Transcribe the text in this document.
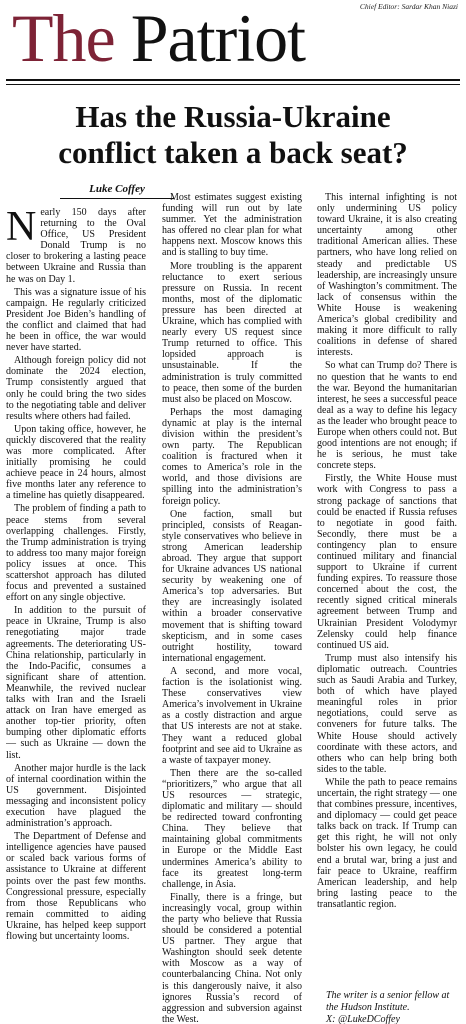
Chief Editor: Sardar Khan Niazi
The Patriot
Has the Russia-Ukraine
conflict taken a back seat?
Luke Coffey

Nearly 150 days after returning to the Oval Office, US President Donald Trump is no closer to brokering a lasting peace between Ukraine and Russia than he was on Day 1.

This was a signature issue of his campaign. He regularly criticized President Joe Biden’s handling of the conflict and claimed that had he been in office, the war would never have started.

Although foreign policy did not dominate the 2024 election, Trump consistently argued that only he could bring the two sides to the negotiating table and deliver results where others had failed.

Upon taking office, however, he quickly discovered that the reality was more complicated. After initially promising he could achieve peace in 24 hours, almost five months later any reference to a timeline has quietly disappeared.

The problem of finding a path to peace stems from several overlapping challenges. Firstly, the Trump administration is trying to address too many major foreign policy issues at once. This scattershot approach has diluted focus and prevented a sustained effort on any single objective.

In addition to the pursuit of peace in Ukraine, Trump is also renegotiating major trade agreements. The deteriorating US-China relationship, particularly in the Indo-Pacific, consumes a significant share of attention. Meanwhile, the revived nuclear talks with Iran and the Israeli attack on Iran have emerged as another top-tier priority, often bumping other diplomatic efforts — such as Ukraine — down the list.

Another major hurdle is the lack of internal coordination within the US government. Disjointed messaging and inconsistent policy execution have plagued the administration’s approach.

The Department of Defense and intelligence agencies have paused or scaled back various forms of assistance to Ukraine at different points over the past few months. Congressional pressure, especially from those Republicans who remain committed to aiding Ukraine, has helped keep support flowing but uncertainty looms.

Most estimates suggest existing funding will run out by late summer. Yet the administration has offered no clear plan for what happens next. Moscow knows this and is stalling to buy time.

More troubling is the apparent reluctance to exert serious pressure on Russia. In recent months, most of the diplomatic pressure has been directed at Ukraine, which has complied with nearly every US request since Trump returned to office. This lopsided approach is unsustainable. If the administration is truly committed to peace, then some of the burden must also be placed on Moscow.

Perhaps the most damaging dynamic at play is the internal division within the president’s own party. The Republican coalition is fractured when it comes to America’s role in the world, and those divisions are spilling into the administration’s foreign policy.

One faction, small but principled, consists of Reagan-style conservatives who believe in strong American leadership abroad. They argue that support for Ukraine advances US national security by weakening one of America’s top adversaries. But they are increasingly isolated within a broader conservative movement that is shifting toward skepticism, and in some cases outright hostility, toward international engagement.

A second, and more vocal, faction is the isolationist wing. These conservatives view America’s involvement in Ukraine as a costly distraction and argue that US interests are not at stake. They want a reduced global footprint and see aid to Ukraine as a waste of taxpayer money.

Then there are the so-called “prioritizers,” who argue that all US resources — strategic, diplomatic and military — should be redirected toward confronting China. They believe that maintaining global commitments in Europe or the Middle East undermines America’s ability to face its greatest long-term challenge, in Asia.

Finally, there is a fringe, but increasingly vocal, group within the party who believe that Russia should be considered a potential US partner. They argue that Washington should seek detente with Moscow as a way of counterbalancing China. Not only is this dangerously naive, it also ignores Russia’s record of aggression and subversion against the West.

This internal infighting is not only undermining US policy toward Ukraine, it is also creating uncertainty among other traditional American allies. These partners, who have long relied on steady and predictable US leadership, are increasingly unsure of Washington’s commitment. The lack of consensus within the White House is weakening America’s global credibility and making it more difficult to rally coalitions in defense of shared interests.

So what can Trump do? There is no question that he wants to end the war. Beyond the humanitarian interest, he sees a successful peace deal as a way to define his legacy as the leader who brought peace to Europe when others could not. But good intentions are not enough; if he is serious, he must take concrete steps.

Firstly, the White House must work with Congress to pass a strong package of sanctions that could be enacted if Russia refuses to negotiate in good faith. Secondly, there must be a contingency plan to ensure continued military and financial support to Ukraine if current funding expires. To reassure those concerned about the cost, the recently signed critical minerals agreement between Trump and Ukrainian President Volodymyr Zelensky could help finance continued US aid.

Trump must also intensify his diplomatic outreach. Countries such as Saudi Arabia and Turkey, both of which have played meaningful roles in prior negotiations, could serve as conveners for future talks. The White House should actively coordinate with these actors, and others who can help bring both sides to the table.

While the path to peace remains uncertain, the right strategy — one that combines pressure, incentives, and diplomacy — could get peace talks back on track. If Trump can get this right, he will not only bolster his own legacy, he could end a brutal war, bring a just and fair peace to Ukraine, reaffirm American leadership, and help bring lasting peace to the transatlantic region.

The writer is a senior fellow at the Hudson Institute.
X: @LukeDCoffey
